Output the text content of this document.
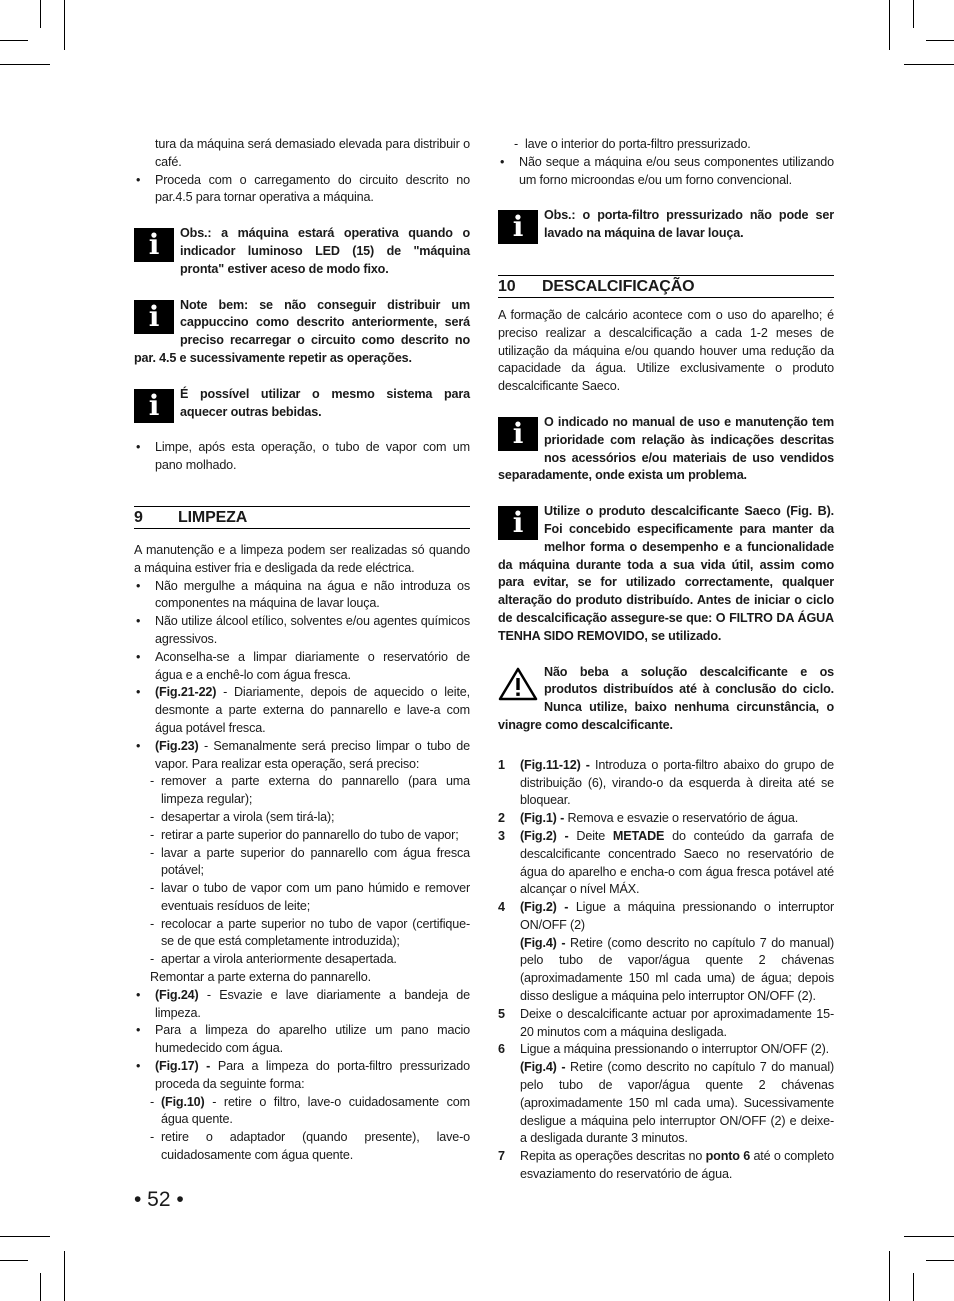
tura da máquina será demasiado elevada para distribuir o café.

• Proceda com o carregamento do circuito descrito no par.4.5 para tornar operativa a máquina.
i	Obs.: a máquina estará operativa quando o indicador luminoso LED (15) de "máquina pronta" estiver aceso de modo fixo.
i	Note bem: se não conseguir distribuir um cappuccino como descrito anteriormente, será preciso recarregar o circuito como descrito no par. 4.5 e sucessivamente repetir as operações.
i	É possível utilizar o mesmo sistema para aquecer outras bebidas.
• Limpe, após esta operação, o tubo de vapor com um pano molhado.
9	LIMPEZA

A manutenção e a limpeza podem ser realizadas só quando a máquina estiver fria e desligada da rede eléctrica.

• Não mergulhe a máquina na água e não introduza os componentes na máquina de lavar louça.
• Não utilize álcool etílico, solventes e/ou agentes químicos agressivos.
• Aconselha-se a limpar diariamente o reservatório de água e a enchê-lo com água fresca.
• (Fig.21-22) - Diariamente, depois de aquecido o leite, desmonte a parte externa do pannarello e lave-a com água potável fresca.
• (Fig.23) - Semanalmente será preciso limpar o tubo de vapor. Para realizar esta operação, será preciso:
- remover a parte externa do pannarello (para uma limpeza regular);
- desapertar a virola (sem tirá-la);
- retirar a parte superior do pannarello do tubo de vapor;
- lavar a parte superior do pannarello com água fresca potável;
- lavar o tubo de vapor com um pano húmido e remover eventuais resíduos de leite;
- recolocar a parte superior no tubo de vapor (certifique-se de que está completamente introduzida);
- apertar a virola anteriormente desapertada.
Remontar a parte externa do pannarello.
• (Fig.24) - Esvazie e lave diariamente a bandeja de limpeza.
• Para a limpeza do aparelho utilize um pano macio humedecido com água.
• (Fig.17) - Para a limpeza do porta-filtro pressurizado proceda da seguinte forma:
- (Fig.10) - retire o filtro, lave-o cuidadosamente com água quente.
- retire o adaptador (quando presente), lave-o cuidadosamente com água quente.
- lave o interior do porta-filtro pressurizado.
• Não seque a máquina e/ou seus componentes utilizando um forno microondas e/ou um forno convencional.
i	Obs.: o porta-filtro pressurizado não pode ser lavado na máquina de lavar louça.
10	DESCALCIFICAÇÃO

A formação de calcário acontece com o uso do aparelho; é preciso realizar a descalcificação a cada 1-2 meses de utilização da máquina e/ou quando houver uma redução da capacidade da água. Utilize exclusivamente o produto descalcificante Saeco.

i	O indicado no manual de uso e manutenção tem prioridade com relação às indicações descritas nos acessórios e/ou materiais de uso vendidos separadamente, onde exista um problema.
i	Utilize o produto descalcificante Saeco (Fig. B). Foi concebido especificamente para manter da melhor forma o desempenho e a funcionalidade da máquina durante toda a sua vida útil, assim como para evitar, se for utilizado correctamente, qualquer alteração do produto distribuído. Antes de iniciar o ciclo de descalcificação assegure-se que: O FILTRO DA ÁGUA TENHA SIDO REMOVIDO, se utilizado.
Não beba a solução descalcificante e os produtos distribuídos até à conclusão do ciclo. Nunca utilize, baixo nenhuma circunstância, o vinagre como descalcificante.
1 (Fig.11-12) - Introduza o porta-filtro abaixo do grupo de distribuição (6), virando-o da esquerda à direita até se bloquear.
2 (Fig.1) - Remova e esvazie o reservatório de água.
3 (Fig.2) - Deite METADE do conteúdo da garrafa de descalcificante concentrado Saeco no reservatório de água do aparelho e encha-o com água fresca potável até alcançar o nível MÁX.
4 (Fig.2) - Ligue a máquina pressionando o interruptor ON/OFF (2)
(Fig.4) - Retire (como descrito no capítulo 7 do manual) pelo tubo de vapor/água quente 2 chávenas (aproximadamente 150 ml cada uma) de água; depois disso desligue a máquina pelo interruptor ON/OFF (2).
5 Deixe o descalcificante actuar por aproximadamente 15-20 minutos com a máquina desligada.
6 Ligue a máquina pressionando o interruptor ON/OFF (2).
(Fig.4) - Retire (como descrito no capítulo 7 do manual) pelo tubo de vapor/água quente 2 chávenas (aproximadamente 150 ml cada uma). Sucessivamente desligue a máquina pelo interruptor ON/OFF (2) e deixe-a desligada durante 3 minutos.
7 Repita as operações descritas no ponto 6 até o completo esvaziamento do reservatório de água.
• 52 •
